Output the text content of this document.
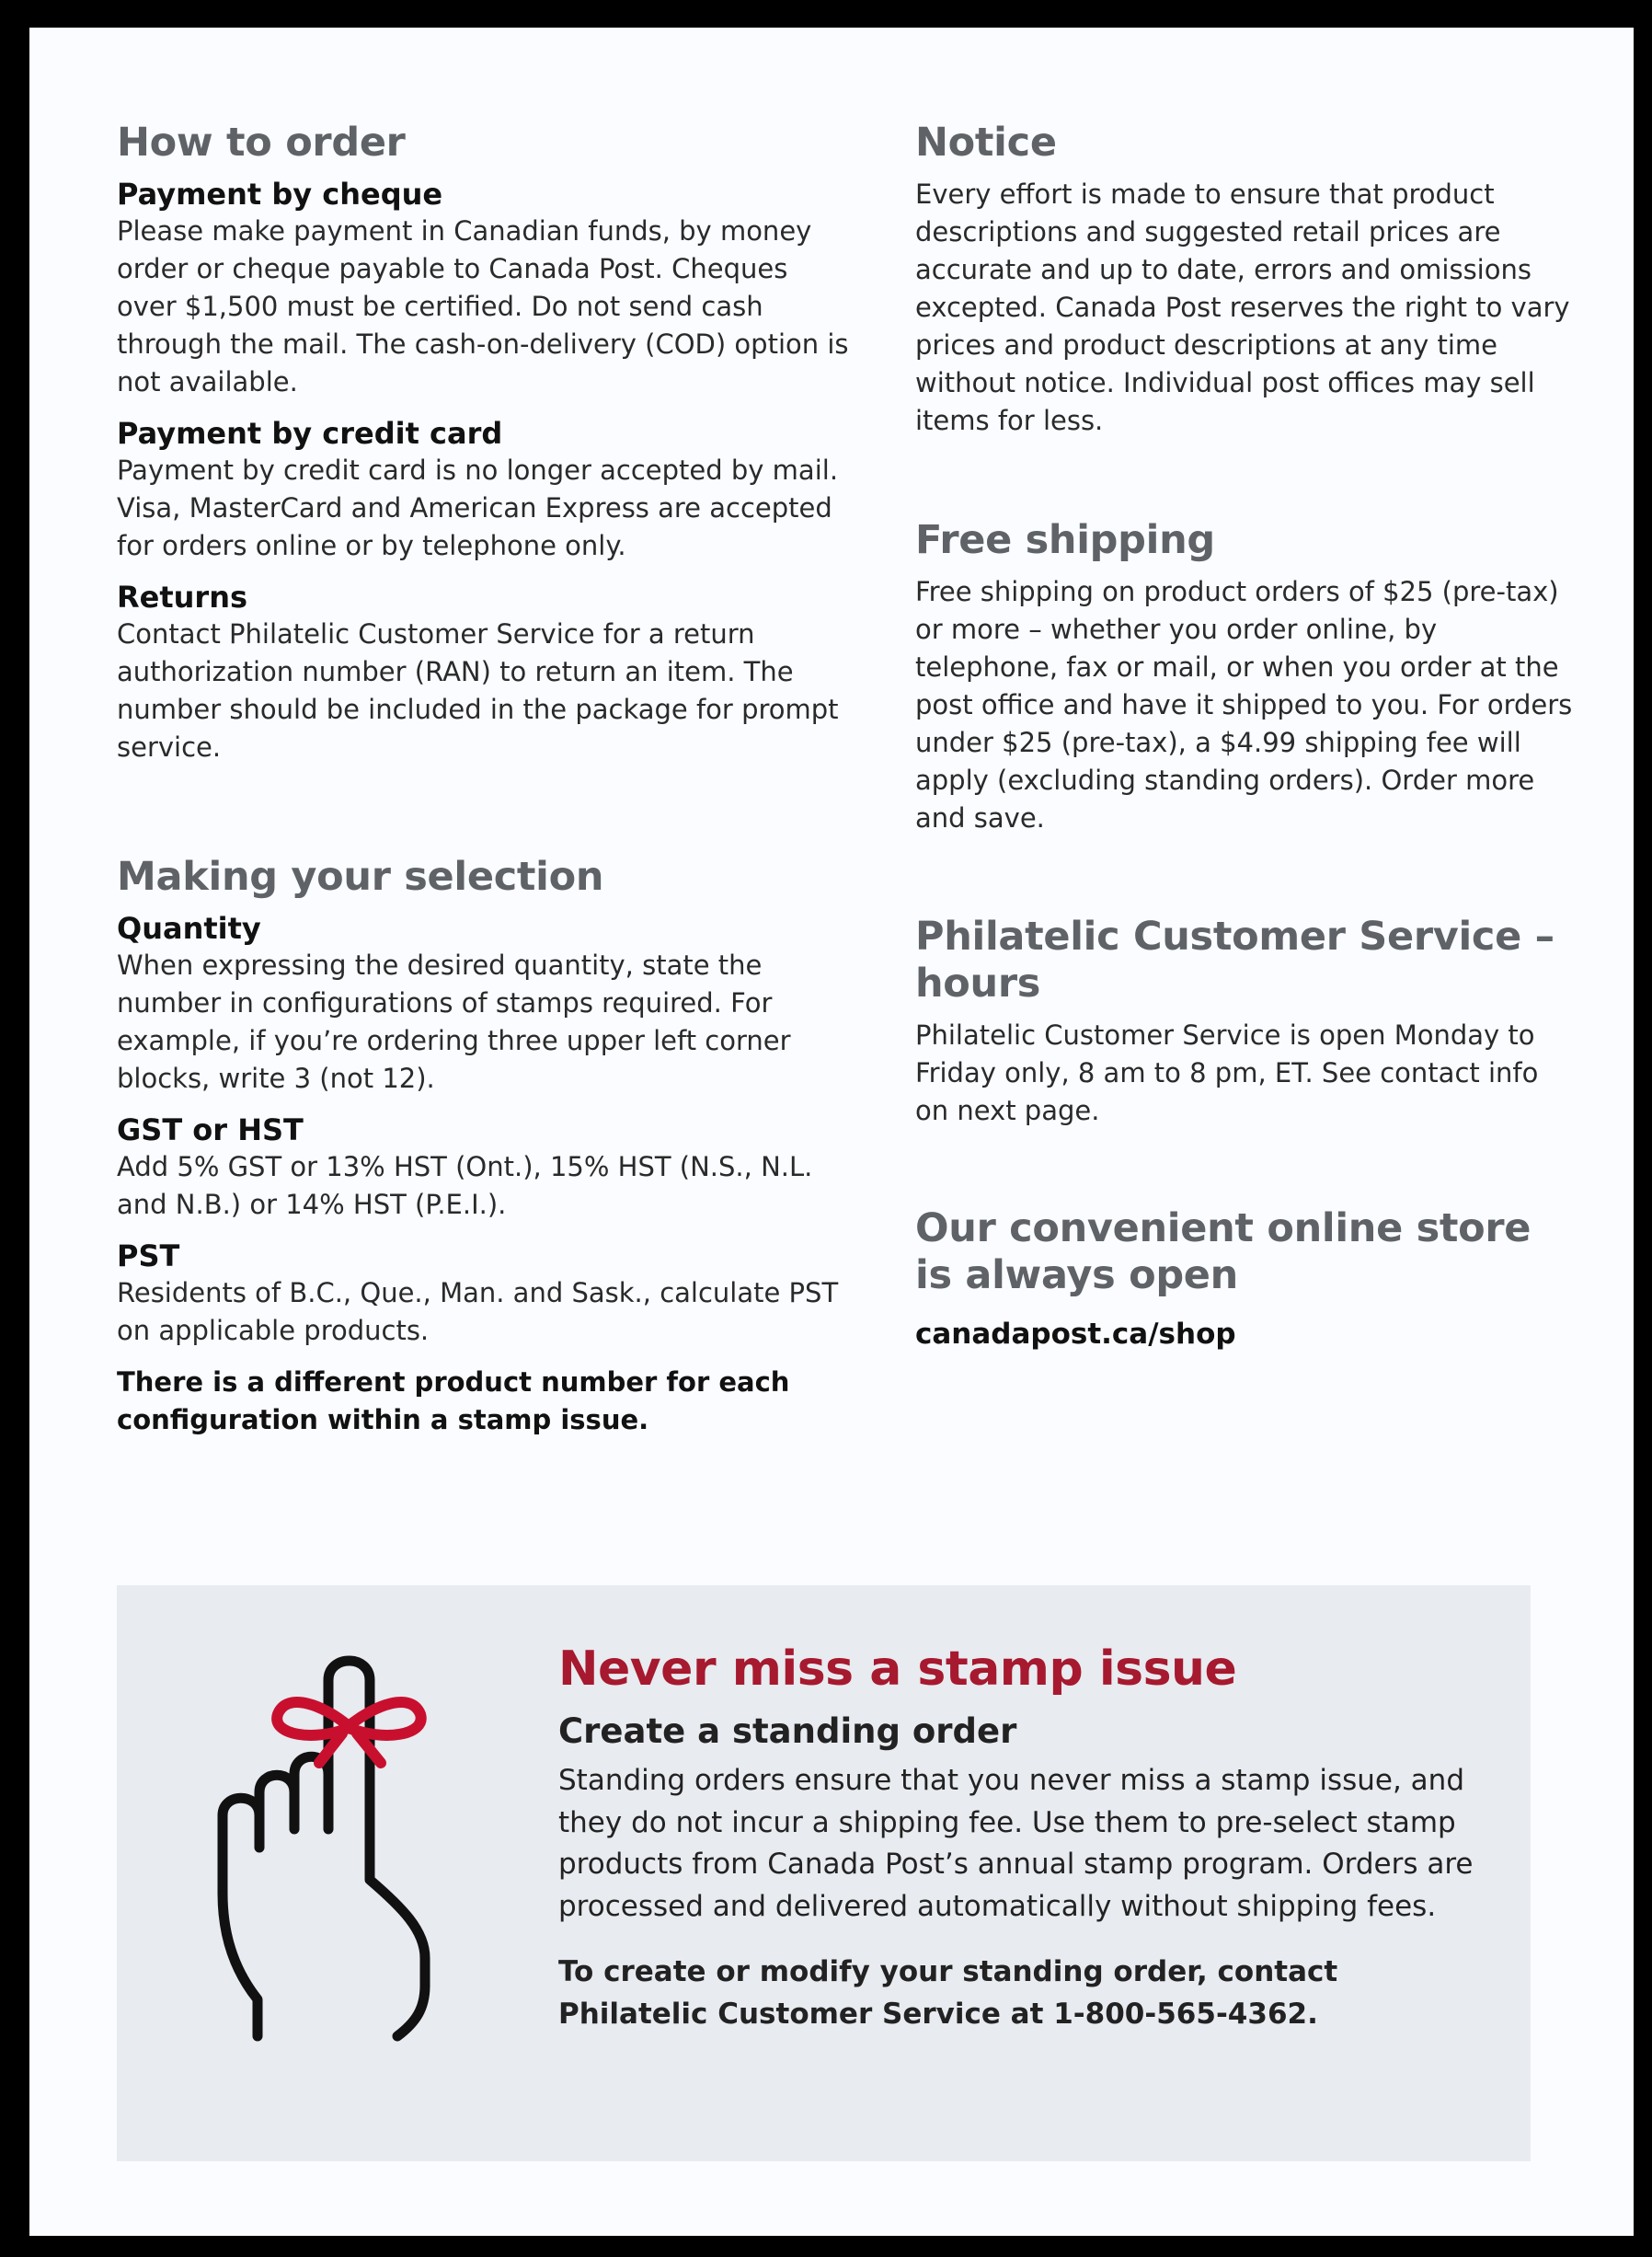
How to order
Payment by cheque

Please make payment in Canadian funds, by money order or cheque payable to Canada Post. Cheques over $1,500 must be certified. Do not send cash through the mail. The cash-on-delivery (COD) option is not available.

Payment by credit card

Payment by credit card is no longer accepted by mail. Visa, MasterCard and American Express are accepted for orders online or by telephone only.

Returns

Contact Philatelic Customer Service for a return authorization number (RAN) to return an item. The number should be included in the package for prompt service.

Making your selection
Quantity

When expressing the desired quantity, state the number in configurations of stamps required. For example, if you’re ordering three upper left corner blocks, write 3 (not 12).

GST or HST

Add 5% GST or 13% HST (Ont.), 15% HST (N.S., N.L. and N.B.) or 14% HST (P.E.I.).

PST

Residents of B.C., Que., Man. and Sask., calculate PST on applicable products.

There is a different product number for each configuration within a stamp issue.

Notice

Every effort is made to ensure that product descriptions and suggested retail prices are accurate and up to date, errors and omissions excepted. Canada Post reserves the right to vary prices and product descriptions at any time without notice. Individual post offices may sell items for less.

Free shipping

Free shipping on product orders of $25 (pre-tax) or more – whether you order online, by telephone, fax or mail, or when you order at the post office and have it shipped to you. For orders under $25 (pre-tax), a $4.99 shipping fee will apply (excluding standing orders). Order more and save.

Philatelic Customer Service – hours

Philatelic Customer Service is open Monday to Friday only, 8 am to 8 pm, ET. See contact info on next page.

Our convenient online store is always open

canadapost.ca/shop

Never miss a stamp issue
Create a standing order

Standing orders ensure that you never miss a stamp issue, and they do not incur a shipping fee. Use them to pre-select stamp products from Canada Post’s annual stamp program. Orders are processed and delivered automatically without shipping fees.

To create or modify your standing order, contact Philatelic Customer Service at 1-800-565-4362.
